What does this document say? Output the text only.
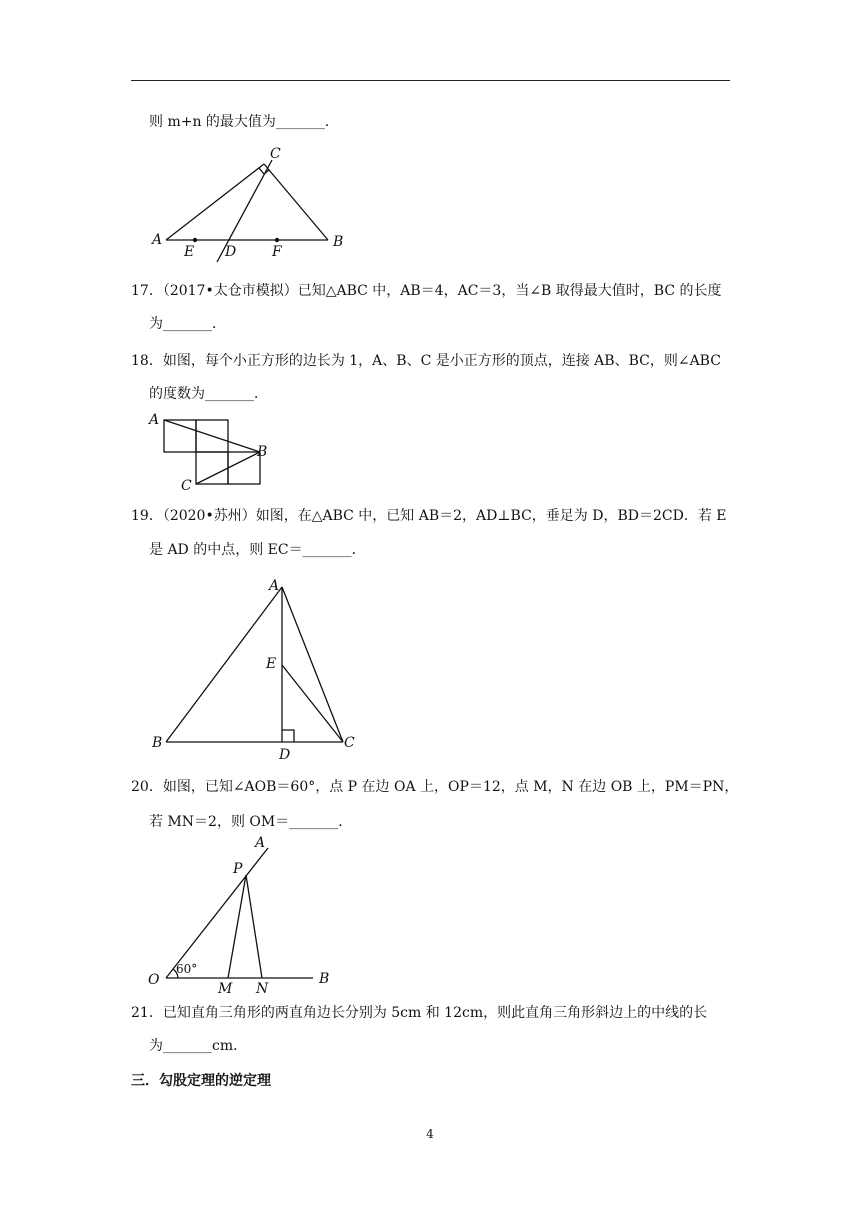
则 m+n 的最大值为_______．
C
A	B
E D	F
17．（2017•太仓市模拟）已知△ABC 中，AB＝4，AC＝3，当∠B 取得最大值时，BC 的长度
为_______．
18．如图，每个小正方形的边长为 1，A、B、C 是小正方形的顶点，连接 AB、BC，则∠ABC
的度数为_______．
A
B
C
19．（2020•苏州）如图，在△ABC 中，已知 AB＝2，AD⊥BC，垂足为 D，BD＝2CD．若 E
是 AD 的中点，则 EC＝_______．
A
E
B
D
C
20．如图，已知∠AOB＝60°，点 P 在边 OA 上，OP＝12，点 M，N 在边 OB 上，PM＝PN，
若 MN＝2，则 OM＝_______．
A
P
60°
O
M N
B
21．已知直角三角形的两直角边长分别为 5cm 和 12cm，则此直角三角形斜边上的中线的长
为_______cm．
三．勾股定理的逆定理
4
